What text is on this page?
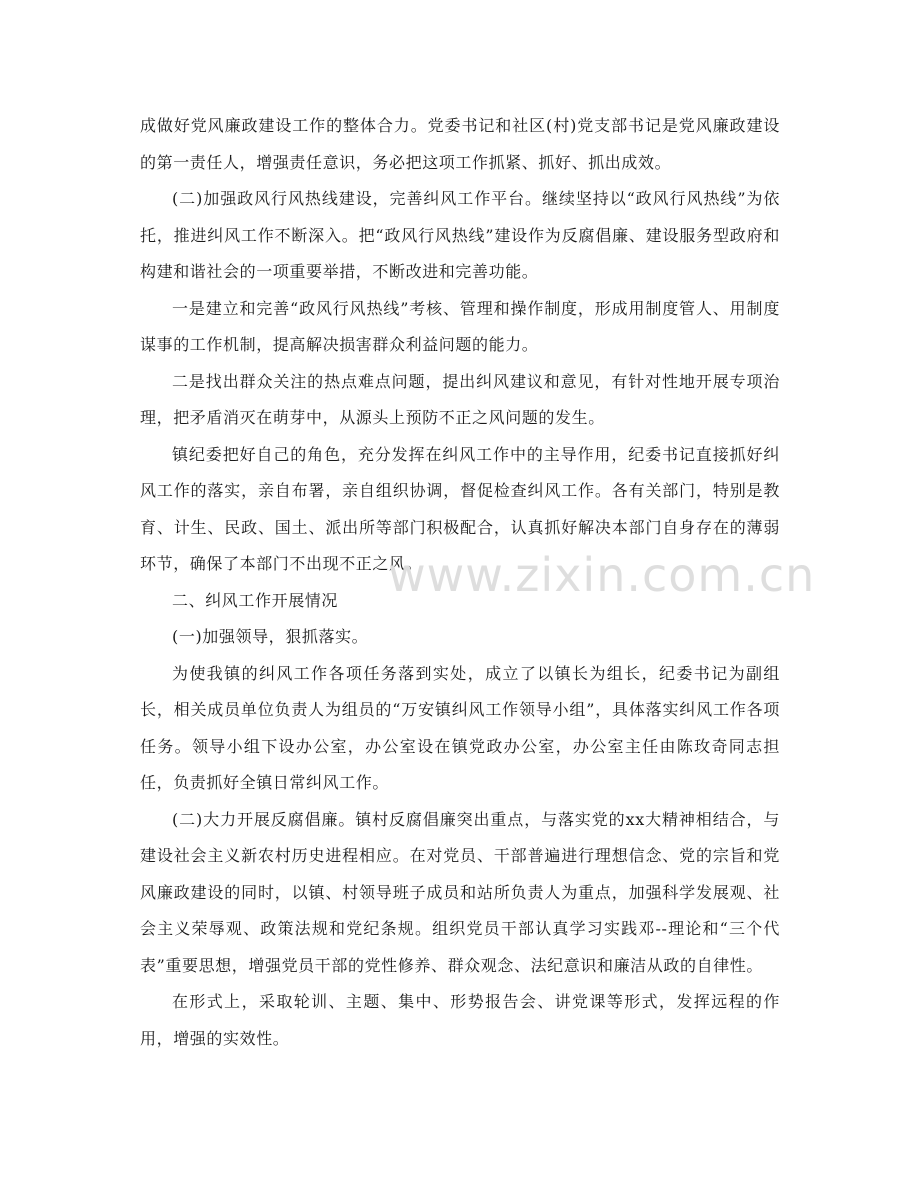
成做好党风廉政建设工作的整体合力。党委书记和社区(村)党支部书记是党风廉政建设的第一责任人，增强责任意识，务必把这项工作抓紧、抓好、抓出成效。

(二)加强政风行风热线建设，完善纠风工作平台。继续坚持以“政风行风热线”为依托，推进纠风工作不断深入。把“政风行风热线”建设作为反腐倡廉、建设服务型政府和构建和谐社会的一项重要举措，不断改进和完善功能。

一是建立和完善“政风行风热线”考核、管理和操作制度，形成用制度管人、用制度谋事的工作机制，提高解决损害群众利益问题的能力。

二是找出群众关注的热点难点问题，提出纠风建议和意见，有针对性地开展专项治理，把矛盾消灭在萌芽中，从源头上预防不正之风问题的发生。

镇纪委把好自己的角色，充分发挥在纠风工作中的主导作用，纪委书记直接抓好纠风工作的落实，亲自布署，亲自组织协调，督促检查纠风工作。各有关部门，特别是教育、计生、民政、国土、派出所等部门积极配合，认真抓好解决本部门自身存在的薄弱环节，确保了本部门不出现不正之风。

二、纠风工作开展情况

(一)加强领导，狠抓落实。

为使我镇的纠风工作各项任务落到实处，成立了以镇长为组长，纪委书记为副组长，相关成员单位负责人为组员的“万安镇纠风工作领导小组”，具体落实纠风工作各项任务。领导小组下设办公室，办公室设在镇党政办公室，办公室主任由陈玫奇同志担任，负责抓好全镇日常纠风工作。

(二)大力开展反腐倡廉。镇村反腐倡廉突出重点，与落实党的xx大精神相结合，与建设社会主义新农村历史进程相应。在对党员、干部普遍进行理想信念、党的宗旨和党风廉政建设的同时，以镇、村领导班子成员和站所负责人为重点，加强科学发展观、社会主义荣辱观、政策法规和党纪条规。组织党员干部认真学习实践邓--理论和“三个代表”重要思想，增强党员干部的党性修养、群众观念、法纪意识和廉洁从政的自律性。

在形式上，采取轮训、主题、集中、形势报告会、讲党课等形式，发挥远程的作用，增强的实效性。

www.zixin.com.cn
